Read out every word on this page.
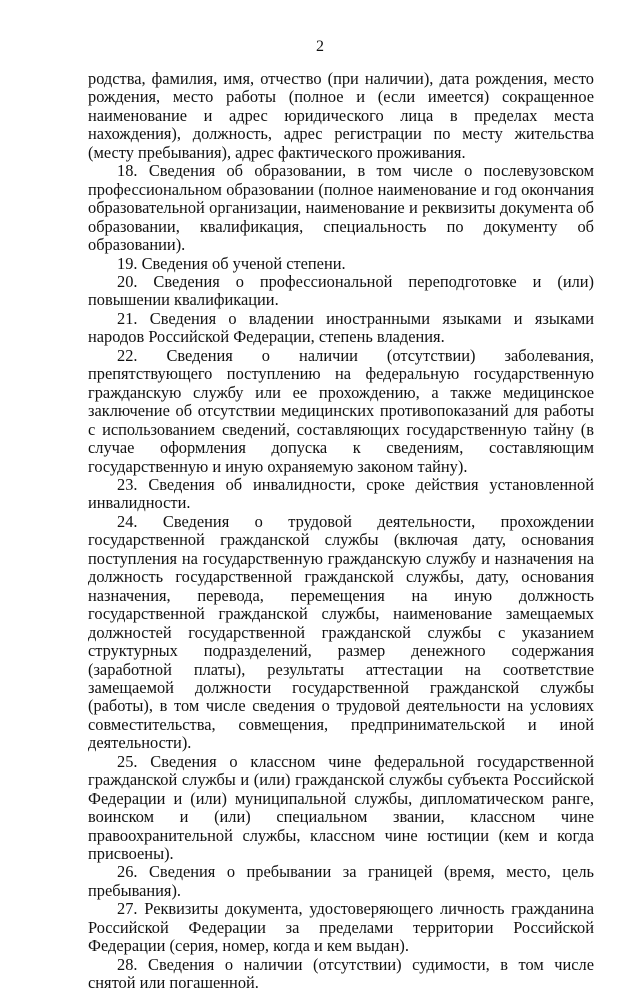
2

родства, фамилия, имя, отчество (при наличии), дата рождения, место рождения, место работы (полное и (если имеется) сокращенное наименование и адрес юридического лица в пределах места нахождения), должность, адрес регистрации по месту жительства (месту пребывания), адрес фактического проживания.

18. Сведения об образовании, в том числе о послевузовском профессиональном образовании (полное наименование и год окончания образовательной организации, наименование и реквизиты документа об образовании, квалификация, специальность по документу об образовании).

19. Сведения об ученой степени.

20. Сведения о профессиональной переподготовке и (или) повышении квалификации.

21. Сведения о владении иностранными языками и языками народов Российской Федерации, степень владения.

22. Сведения о наличии (отсутствии) заболевания, препятствующего поступлению на федеральную государственную гражданскую службу или ее прохождению, а также медицинское заключение об отсутствии медицинских противопоказаний для работы с использованием сведений, составляющих государственную тайну (в случае оформления допуска к сведениям, составляющим государственную и иную охраняемую законом тайну).

23. Сведения об инвалидности, сроке действия установленной инвалидности.

24. Сведения о трудовой деятельности, прохождении государственной гражданской службы (включая дату, основания поступления на государственную гражданскую службу и назначения на должность государственной гражданской службы, дату, основания назначения, перевода, перемещения на иную должность государственной гражданской службы, наименование замещаемых должностей государственной гражданской службы с указанием структурных подразделений, размер денежного содержания (заработной платы), результаты аттестации на соответствие замещаемой должности государственной гражданской службы (работы), в том числе сведения о трудовой деятельности на условиях совместительства, совмещения, предпринимательской и иной деятельности).

25. Сведения о классном чине федеральной государственной гражданской службы и (или) гражданской службы субъекта Российской Федерации и (или) муниципальной службы, дипломатическом ранге, воинском и (или) специальном звании, классном чине правоохранительной службы, классном чине юстиции (кем и когда присвоены).

26. Сведения о пребывании за границей (время, место, цель пребывания).

27. Реквизиты документа, удостоверяющего личность гражданина Российской Федерации за пределами территории Российской Федерации (серия, номер, когда и кем выдан).

28. Сведения о наличии (отсутствии) судимости, в том числе снятой или погашенной.
